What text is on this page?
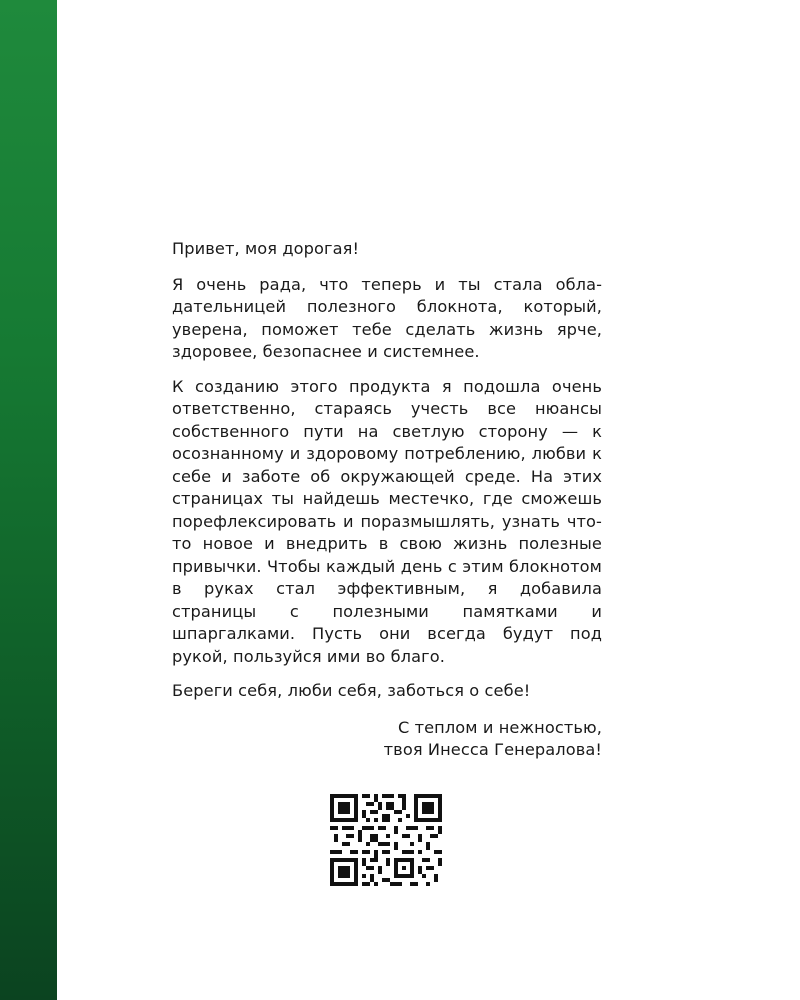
Привет, моя дорогая!

Я очень рада, что теперь и ты стала обладательницей полезного блокнота, который, уверена, поможет тебе сделать жизнь ярче, здоровее, безопаснее и системнее.

К созданию этого продукта я подошла очень ответственно, стараясь учесть все нюансы собственного пути на светлую сторону — к осознанному и здоровому потреблению, любви к себе и заботе об окружающей среде. На этих страницах ты найдешь местечко, где сможешь порефлексировать и поразмышлять, узнать что-то новое и внедрить в свою жизнь полезные привычки. Чтобы каждый день с этим блокнотом в руках стал эффективным, я добавила страницы с полезными памятками и шпаргалками. Пусть они всегда будут под рукой, пользуйся ими во благо.

Береги себя, люби себя, заботься о себе!

С теплом и нежностью,
твоя Инесса Генералова!
